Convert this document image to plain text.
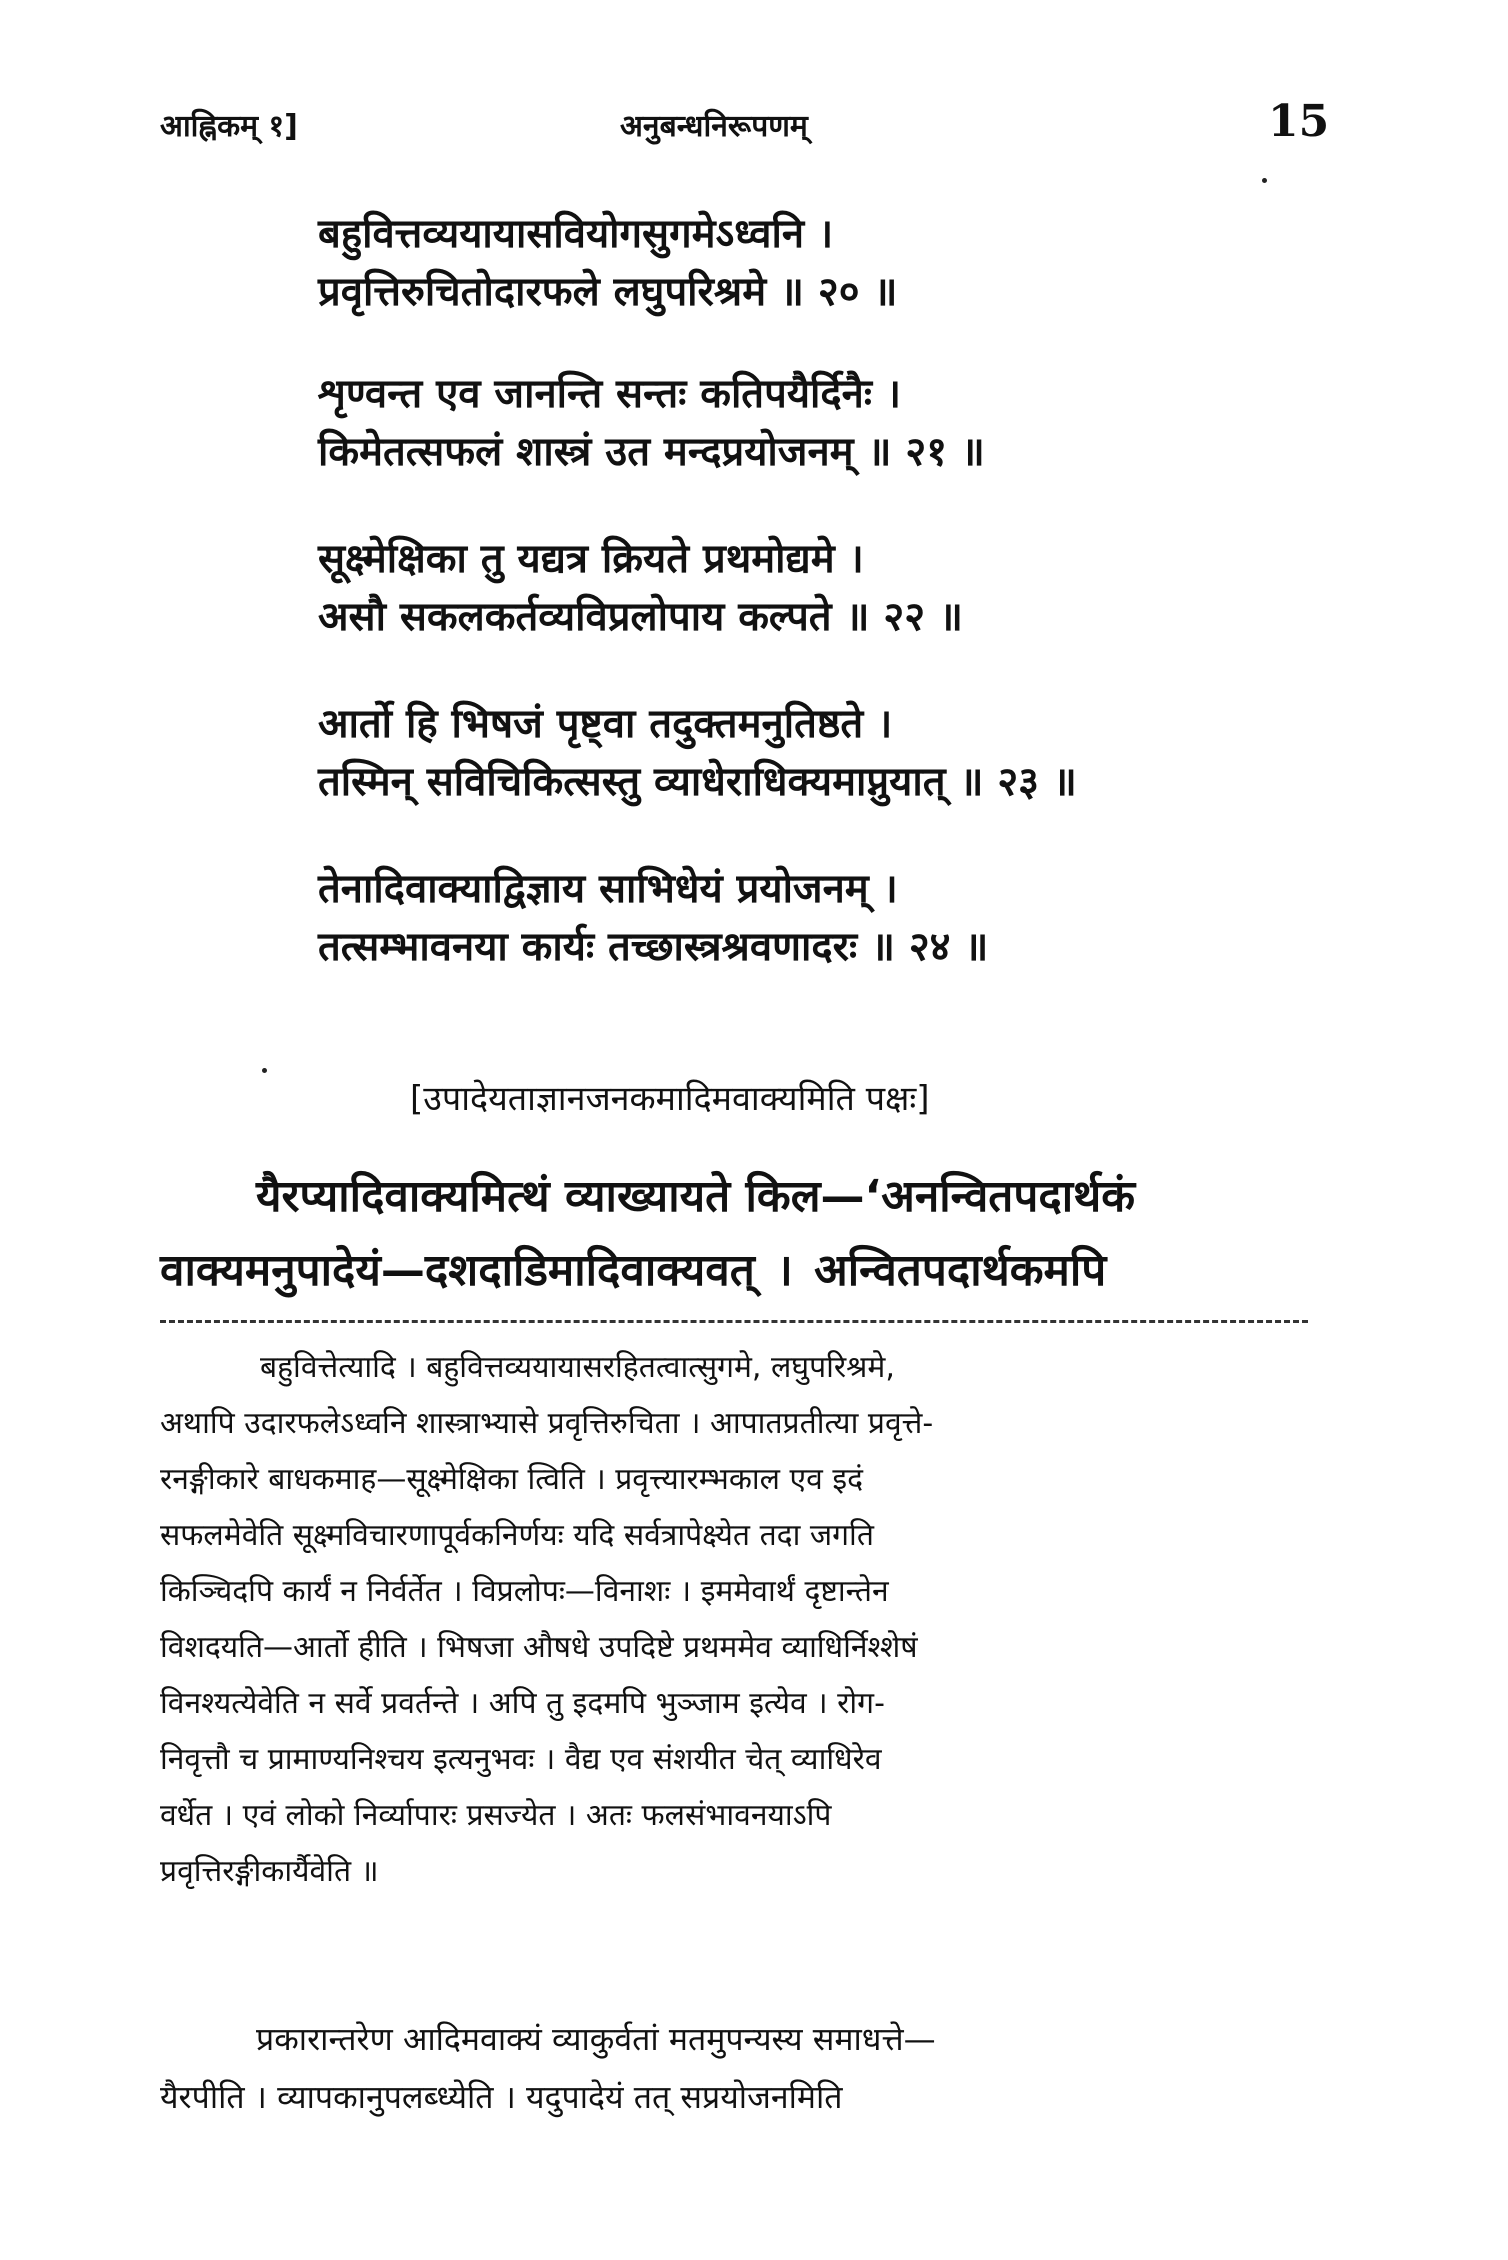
आह्निकम् १]	अनुबन्धनिरूपणम्	15
बहुवित्तव्ययायासवियोगसुगमेऽध्वनि ।
प्रवृत्तिरुचितोदारफले लघुपरिश्रमे ॥ २० ॥
शृण्वन्त एव जानन्ति सन्तः कतिपयैर्दिनैः ।
किमेतत्सफलं शास्त्रं उत मन्दप्रयोजनम् ॥ २१ ॥
सूक्ष्मेक्षिका तु यद्यत्र क्रियते प्रथमोद्यमे ।
असौ सकलकर्तव्यविप्रलोपाय कल्पते ॥ २२ ॥
आर्तो हि भिषजं पृष्ट्वा तदुक्तमनुतिष्ठते ।
तस्मिन् सविचिकित्सस्तु व्याधेराधिक्यमाप्नुयात् ॥ २३ ॥
तेनादिवाक्याद्विज्ञाय साभिधेयं प्रयोजनम् ।
तत्सम्भावनया कार्यः तच्छास्त्रश्रवणादरः ॥ २४ ॥
[उपादेयताज्ञानजनकमादिमवाक्यमिति पक्षः]
यैरप्यादिवाक्यमित्थं व्याख्यायते किल—‘अनन्वितपदार्थकं
वाक्यमनुपादेयं—दशदाडिमादिवाक्यवत् । अन्वितपदार्थकमपि
बहुवित्तेत्यादि । बहुवित्तव्ययायासरहितत्वात्सुगमे, लघुपरिश्रमे,
अथापि उदारफलेऽध्वनि शास्त्राभ्यासे प्रवृत्तिरुचिता । आपातप्रतीत्या प्रवृत्ते-
रनङ्गीकारे बाधकमाह—सूक्ष्मेक्षिका त्विति । प्रवृत्त्यारम्भकाल एव इदं
सफलमेवेति सूक्ष्मविचारणापूर्वकनिर्णयः यदि सर्वत्रापेक्ष्येत तदा जगति
किञ्चिदपि कार्यं न निर्वर्तेत । विप्रलोपः—विनाशः । इममेवार्थं दृष्टान्तेन
विशदयति—आर्तो हीति । भिषजा औषधे उपदिष्टे प्रथममेव व्याधिर्निश्शेषं
विनश्यत्येवेति न सर्वे प्रवर्तन्ते । अपि तु इदमपि भुञ्जाम इत्येव । रोग-
निवृत्तौ च प्रामाण्यनिश्चय इत्यनुभवः । वैद्य एव संशयीत चेत् व्याधिरेव
वर्धेत । एवं लोको निर्व्यापारः प्रसज्येत । अतः फलसंभावनयाऽपि
प्रवृत्तिरङ्गीकार्यैवेति ॥
प्रकारान्तरेण आदिमवाक्यं व्याकुर्वतां मतमुपन्यस्य समाधत्ते—
यैरपीति । व्यापकानुपलब्ध्येति । यदुपादेयं तत् सप्रयोजनमिति
